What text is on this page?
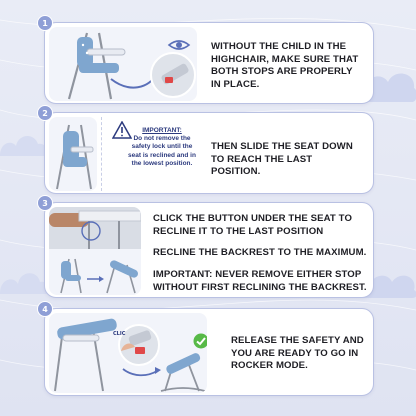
1
WITHOUT THE CHILD IN THE HIGHCHAIR, MAKE SURE THAT BOTH STOPS ARE PROPERLY IN PLACE.
2
IMPORTANT:
Do not remove the safety lock until the seat is reclined and in the lowest position.
THEN SLIDE THE SEAT DOWN TO REACH THE LAST POSITION.
3
CLICK THE BUTTON UNDER THE SEAT TO RECLINE IT TO THE LAST POSITION
RECLINE THE BACKREST TO THE MAXIMUM.
IMPORTANT: NEVER REMOVE EITHER STOP WITHOUT FIRST RECLINING THE BACKREST.
4
CLIC
RELEASE THE SAFETY AND YOU ARE READY TO GO IN ROCKER MODE.
